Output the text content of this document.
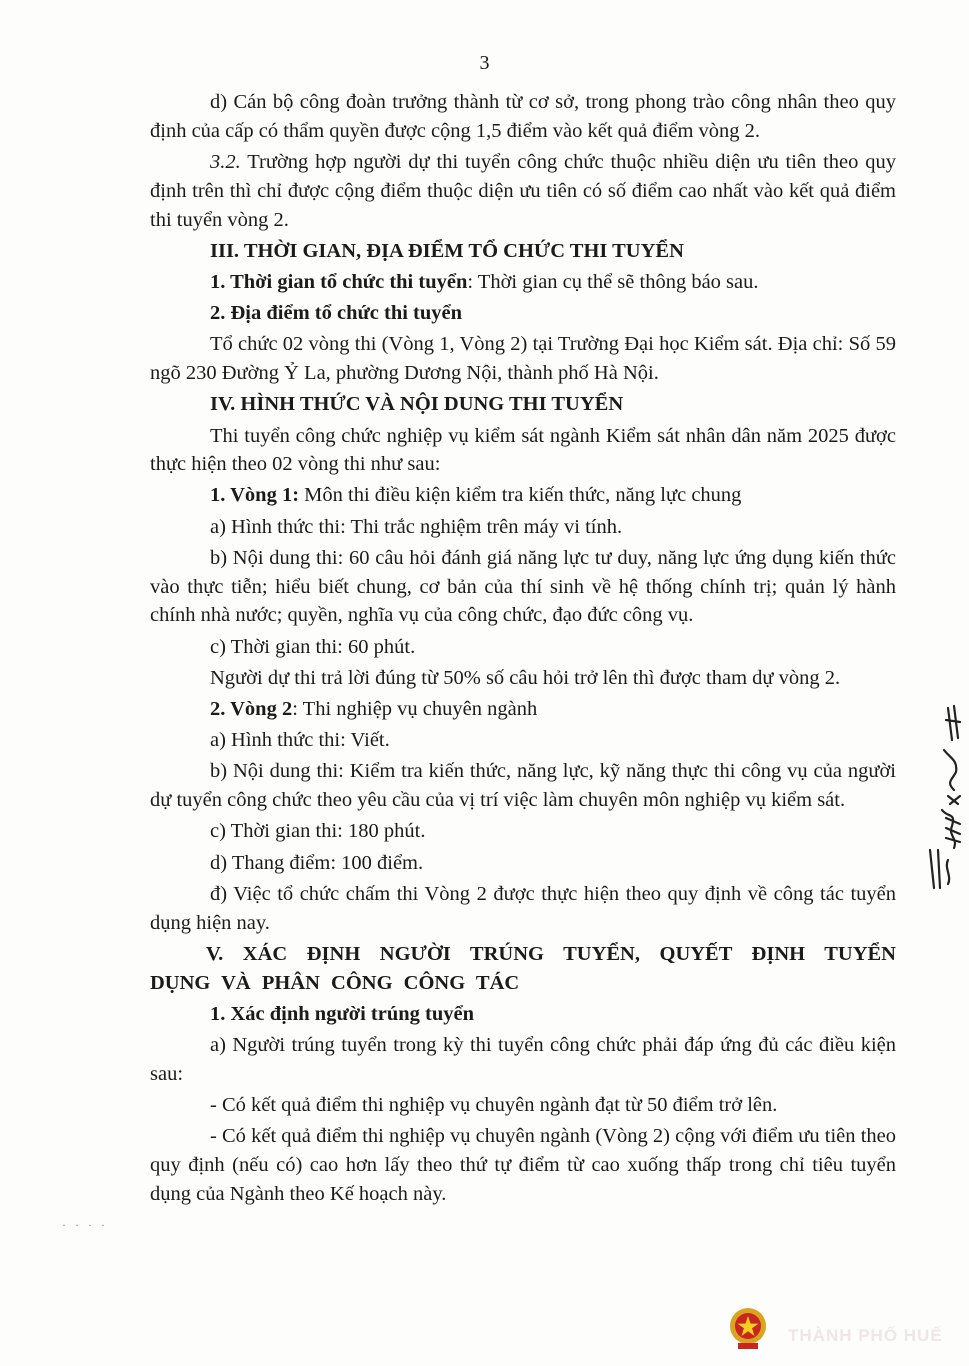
3

d) Cán bộ công đoàn trưởng thành từ cơ sở, trong phong trào công nhân theo quy định của cấp có thẩm quyền được cộng 1,5 điểm vào kết quả điểm vòng 2.

3.2. Trường hợp người dự thi tuyển công chức thuộc nhiều diện ưu tiên theo quy định trên thì chỉ được cộng điểm thuộc diện ưu tiên có số điểm cao nhất vào kết quả điểm thi tuyển vòng 2.

III. THỜI GIAN, ĐỊA ĐIỂM TỔ CHỨC THI TUYỂN

1. Thời gian tổ chức thi tuyển: Thời gian cụ thể sẽ thông báo sau.

2. Địa điểm tổ chức thi tuyển

Tổ chức 02 vòng thi (Vòng 1, Vòng 2) tại Trường Đại học Kiểm sát. Địa chỉ: Số 59 ngõ 230 Đường Ỷ La, phường Dương Nội, thành phố Hà Nội.

IV. HÌNH THỨC VÀ NỘI DUNG THI TUYỂN

Thi tuyển công chức nghiệp vụ kiểm sát ngành Kiểm sát nhân dân năm 2025 được thực hiện theo 02 vòng thi như sau:

1. Vòng 1: Môn thi điều kiện kiểm tra kiến thức, năng lực chung

a) Hình thức thi: Thi trắc nghiệm trên máy vi tính.

b) Nội dung thi: 60 câu hỏi đánh giá năng lực tư duy, năng lực ứng dụng kiến thức vào thực tiễn; hiểu biết chung, cơ bản của thí sinh về hệ thống chính trị; quản lý hành chính nhà nước; quyền, nghĩa vụ của công chức, đạo đức công vụ.

c) Thời gian thi: 60 phút.

Người dự thi trả lời đúng từ 50% số câu hỏi trở lên thì được tham dự vòng 2.

2. Vòng 2: Thi nghiệp vụ chuyên ngành

a) Hình thức thi: Viết.

b) Nội dung thi: Kiểm tra kiến thức, năng lực, kỹ năng thực thi công vụ của người dự tuyển công chức theo yêu cầu của vị trí việc làm chuyên môn nghiệp vụ kiểm sát.

c) Thời gian thi: 180 phút.

d) Thang điểm: 100 điểm.

đ) Việc tổ chức chấm thi Vòng 2 được thực hiện theo quy định về công tác tuyển dụng hiện nay.

V. XÁC ĐỊNH NGƯỜI TRÚNG TUYỂN, QUYẾT ĐỊNH TUYỂN DỤNG VÀ PHÂN CÔNG CÔNG TÁC

1. Xác định người trúng tuyển

a) Người trúng tuyển trong kỳ thi tuyển công chức phải đáp ứng đủ các điều kiện sau:

- Có kết quả điểm thi nghiệp vụ chuyên ngành đạt từ 50 điểm trở lên.

- Có kết quả điểm thi nghiệp vụ chuyên ngành (Vòng 2) cộng với điểm ưu tiên theo quy định (nếu có) cao hơn lấy theo thứ tự điểm từ cao xuống thấp trong chỉ tiêu tuyển dụng của Ngành theo Kế hoạch này.

· · · ·
THÀNH PHỐ HUẾ
